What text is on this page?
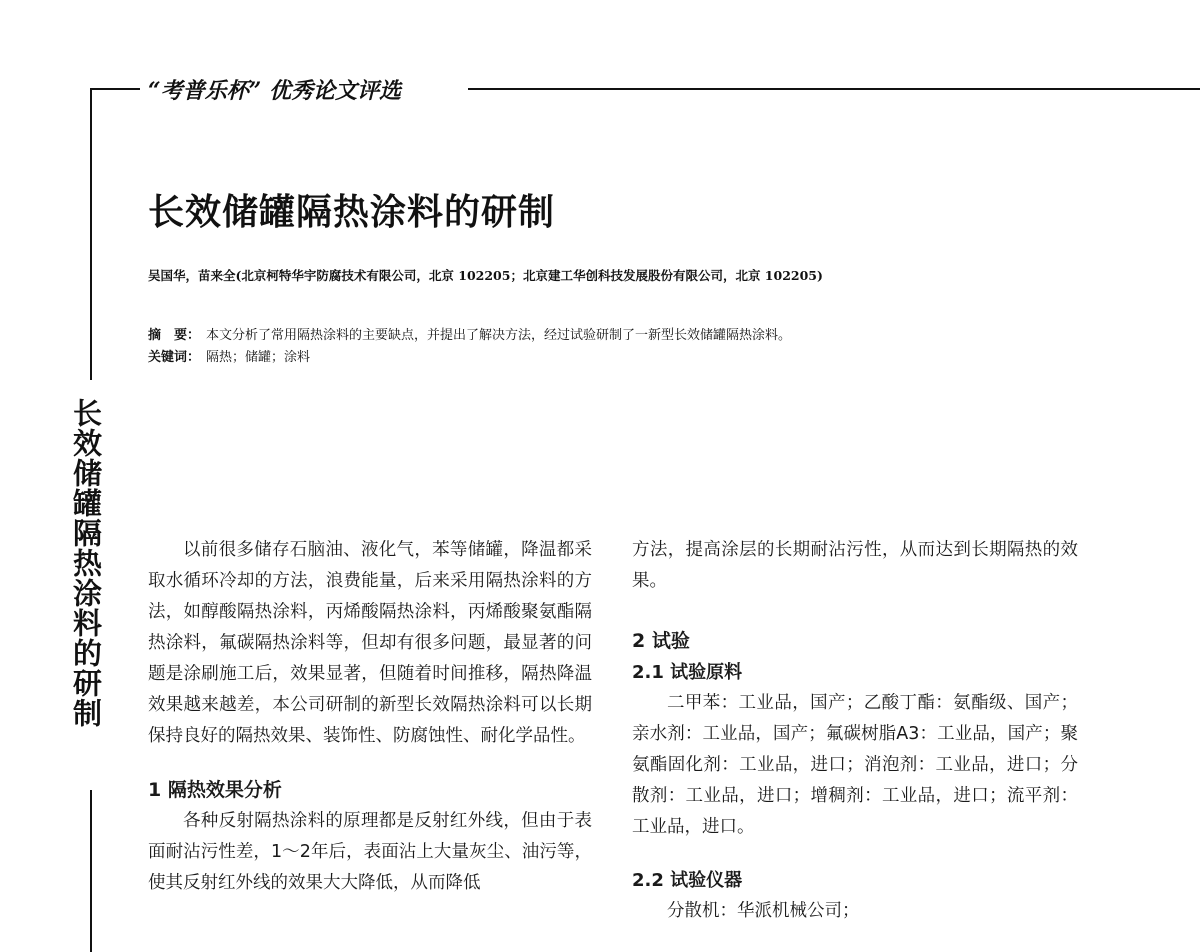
“考普乐杯” 优秀论文评选
长效储罐隔热涂料的研制
吴国华，苗来全(北京柯特华宇防腐技术有限公司，北京 102205；北京建工华创科技发展股份有限公司，北京 102205)
摘　要： 本文分析了常用隔热涂料的主要缺点，并提出了解决方法，经过试验研制了一新型长效储罐隔热涂料。
关键词： 隔热；储罐；涂料
长效储罐隔热涂料的研制	以前很多储存石脑油、液化气，苯等储罐，降温都采取水循环冷却的方法，浪费能量，后来采用隔热涂料的方法，如醇酸隔热涂料，丙烯酸隔热涂料，丙烯酸聚氨酯隔热涂料，氟碳隔热涂料等，但却有很多问题，最显著的问题是涂刷施工后，效果显著，但随着时间推移，隔热降温效果越来越差，本公司研制的新型长效隔热涂料可以长期保持良好的隔热效果、装饰性、防腐蚀性、耐化学品性。

1 隔热效果分析

各种反射隔热涂料的原理都是反射红外线，但由于表面耐沾污性差，1～2年后，表面沾上大量灰尘、油污等，使其反射红外线的效果大大降低，从而降低

方法，提高涂层的长期耐沾污性，从而达到长期隔热的效果。

2 试验
2.1 试验原料

二甲苯：工业品，国产；乙酸丁酯：氨酯级、国产；亲水剂：工业品，国产；氟碳树脂A3：工业品，国产；聚氨酯固化剂：工业品，进口；消泡剂：工业品，进口；分散剂：工业品，进口；增稠剂：工业品，进口；流平剂：工业品，进口。

2.2 试验仪器

分散机：华派机械公司；
